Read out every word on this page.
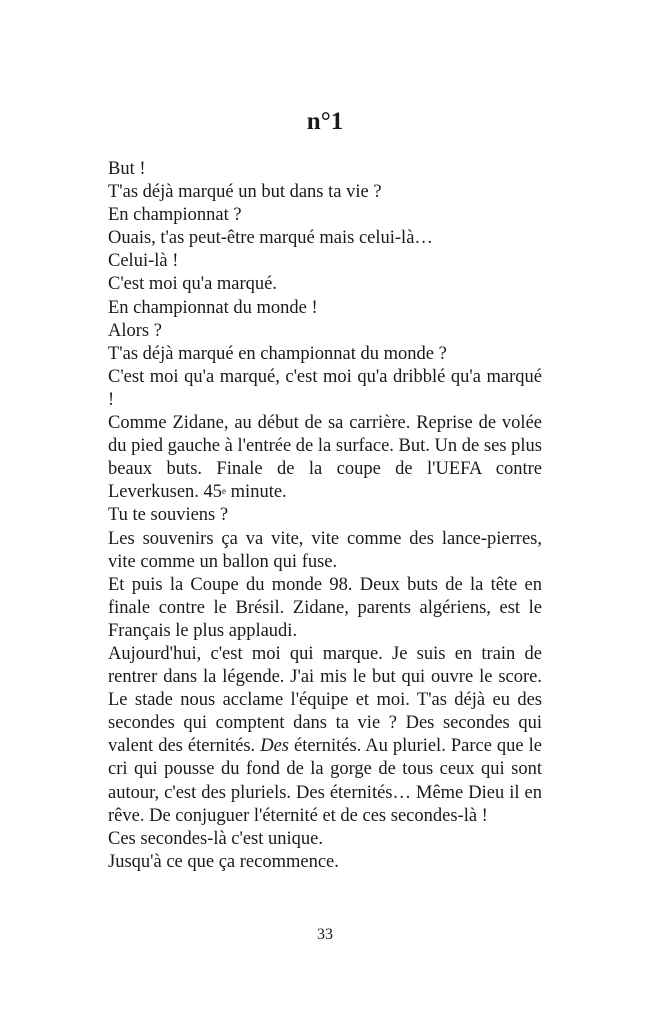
n°1

But !

T'as déjà marqué un but dans ta vie ?

En championnat ?

Ouais, t'as peut-être marqué mais celui-là…

Celui-là !

C'est moi qu'a marqué.

En championnat du monde !

Alors ?

T'as déjà marqué en championnat du monde ?

C'est moi qu'a marqué, c'est moi qu'a dribblé qu'a marqué !

Comme Zidane, au début de sa carrière. Reprise de volée du pied gauche à l'entrée de la surface. But. Un de ses plus beaux buts. Finale de la coupe de l'UEFA contre Leverkusen. 45e minute.

Tu te souviens ?

Les souvenirs ça va vite, vite comme des lance-pierres, vite comme un ballon qui fuse.

Et puis la Coupe du monde 98. Deux buts de la tête en finale contre le Brésil. Zidane, parents algériens, est le Français le plus applaudi.

Aujourd'hui, c'est moi qui marque. Je suis en train de rentrer dans la légende. J'ai mis le but qui ouvre le score. Le stade nous acclame l'équipe et moi. T'as déjà eu des secondes qui comptent dans ta vie ? Des secondes qui valent des éternités. Des éternités. Au pluriel. Parce que le cri qui pousse du fond de la gorge de tous ceux qui sont autour, c'est des pluriels. Des éternités… Même Dieu il en rêve. De conjuguer l'éternité et de ces secondes-là !

Ces secondes-là c'est unique.

Jusqu'à ce que ça recommence.

33
